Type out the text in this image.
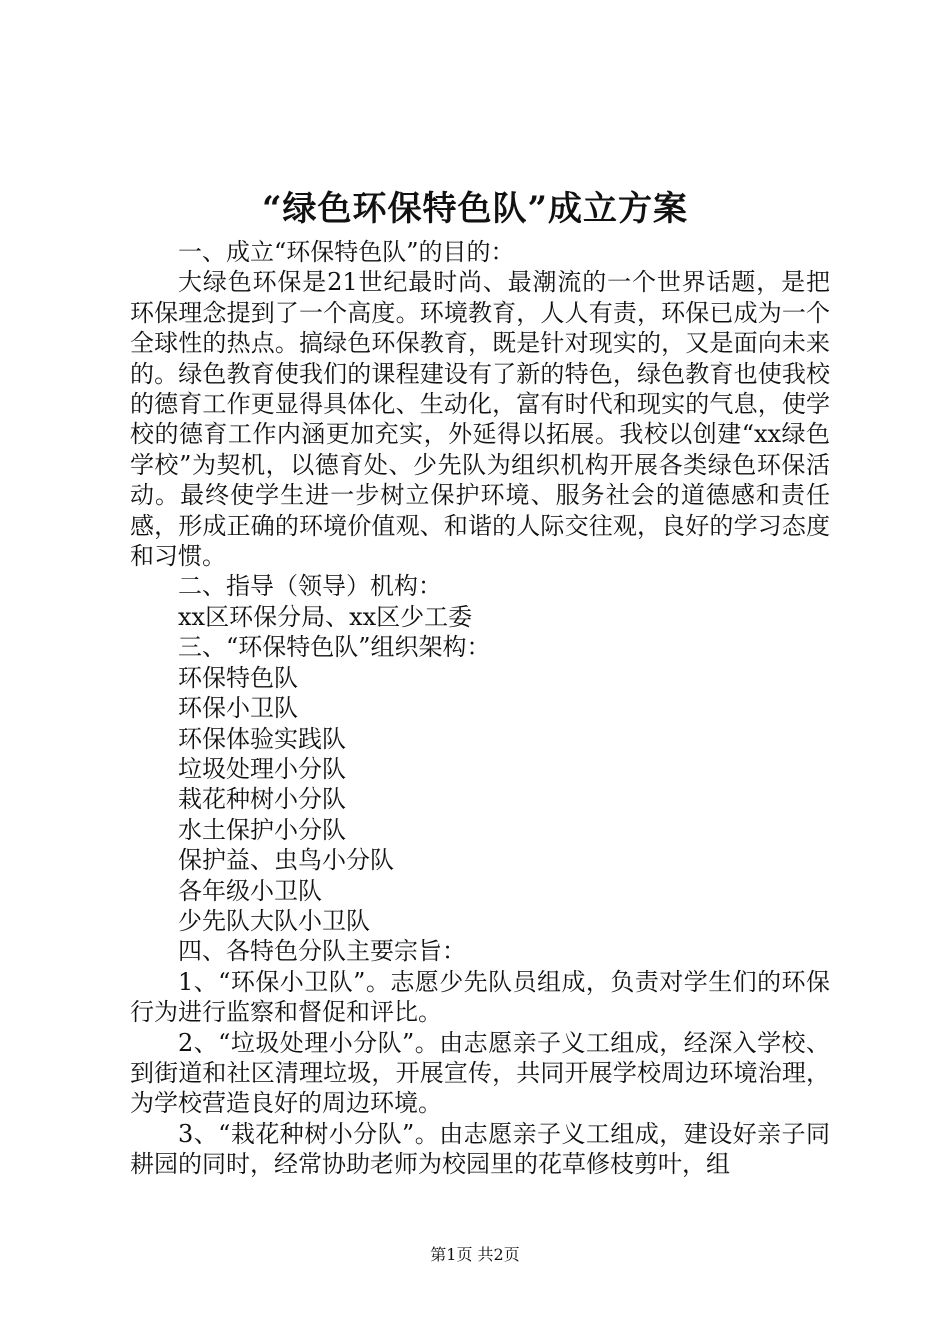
“绿色环保特色队”成立方案

一、成立“环保特色队”的目的：

大绿色环保是21世纪最时尚、最潮流的一个世界话题，是把环保理念提到了一个高度。环境教育，人人有责，环保已成为一个全球性的热点。搞绿色环保教育，既是针对现实的，又是面向未来的。绿色教育使我们的课程建设有了新的特色，绿色教育也使我校的德育工作更显得具体化、生动化，富有时代和现实的气息，使学校的德育工作内涵更加充实，外延得以拓展。我校以创建“xx绿色学校”为契机，以德育处、少先队为组织机构开展各类绿色环保活动。最终使学生进一步树立保护环境、服务社会的道德感和责任感，形成正确的环境价值观、和谐的人际交往观，良好的学习态度和习惯。

二、指导（领导）机构：

xx区环保分局、xx区少工委

三、“环保特色队”组织架构：

环保特色队

环保小卫队

环保体验实践队

垃圾处理小分队

栽花种树小分队

水土保护小分队

保护益、虫鸟小分队

各年级小卫队

少先队大队小卫队

四、各特色分队主要宗旨：

1、“环保小卫队”。志愿少先队员组成，负责对学生们的环保行为进行监察和督促和评比。

2、“垃圾处理小分队”。由志愿亲子义工组成，经深入学校、到街道和社区清理垃圾，开展宣传，共同开展学校周边环境治理，为学校营造良好的周边环境。

3、“栽花种树小分队”。由志愿亲子义工组成，建设好亲子同耕园的同时，经常协助老师为校园里的花草修枝剪叶，组

第1页 共2页
